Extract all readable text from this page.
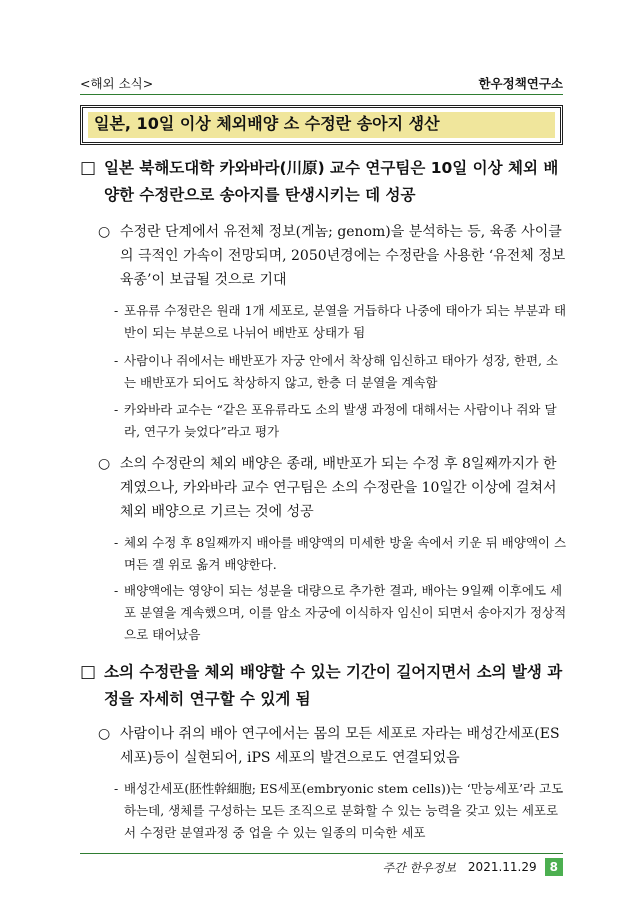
<해외 소식>	한우정책연구소
일본, 10일 이상 체외배양 소 수정란 송아지 생산
□ 일본 북해도대학 카와바라(川原) 교수 연구팀은 10일 이상 체외 배양한 수정란으로 송아지를 탄생시키는 데 성공
○ 수정란 단계에서 유전체 정보(게놈; genom)을 분석하는 등, 육종 사이클의 극적인 가속이 전망되며, 2050년경에는 수정란을 사용한 ‘유전체 정보 육종’이 보급될 것으로 기대
- 포유류 수정란은 원래 1개 세포로, 분열을 거듭하다 나중에 태아가 되는 부분과 태반이 되는 부분으로 나뉘어 배반포 상태가 됨
- 사람이나 쥐에서는 배반포가 자궁 안에서 착상해 임신하고 태아가 성장, 한편, 소는 배반포가 되어도 착상하지 않고, 한층 더 분열을 계속함
- 카와바라 교수는 “같은 포유류라도 소의 발생 과정에 대해서는 사람이나 쥐와 달라, 연구가 늦었다”라고 평가
○ 소의 수정란의 체외 배양은 종래, 배반포가 되는 수정 후 8일째까지가 한계였으나, 카와바라 교수 연구팀은 소의 수정란을 10일간 이상에 걸쳐서 체외 배양으로 기르는 것에 성공
- 체외 수정 후 8일째까지 배아를 배양액의 미세한 방울 속에서 키운 뒤 배양액이 스며든 겔 위로 옮겨 배양한다.
- 배양액에는 영양이 되는 성분을 대량으로 추가한 결과, 배아는 9일째 이후에도 세포 분열을 계속했으며, 이를 암소 자궁에 이식하자 임신이 되면서 송아지가 정상적으로 태어났음
□ 소의 수정란을 체외 배양할 수 있는 기간이 길어지면서 소의 발생 과정을 자세히 연구할 수 있게 됨
○ 사람이나 쥐의 배아 연구에서는 몸의 모든 세포로 자라는 배성간세포(ES세포)등이 실현되어, iPS 세포의 발견으로도 연결되었음
- 배성간세포(胚性幹細胞; ES세포(embryonic stem cells))는 ‘만능세포’라 고도 하는데, 생체를 구성하는 모든 조직으로 분화할 수 있는 능력을 갖고 있는 세포로서 수정란 분열과정 중 업을 수 있는 일종의 미숙한 세포
주간 한우정보 2021.11.29	8
